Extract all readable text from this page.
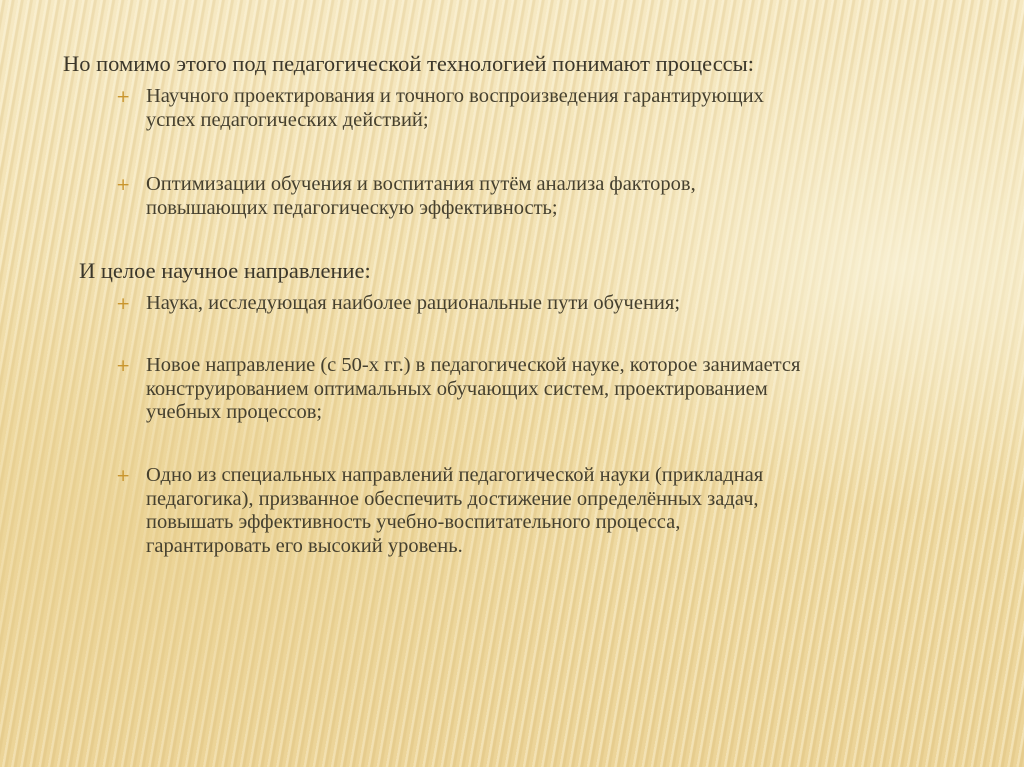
Но помимо этого под педагогической технологией понимают процессы:
+ Научного проектирования и точного воспроизведения гарантирующих
успех педагогических действий;
+ Оптимизации обучения и воспитания путём анализа факторов,
повышающих педагогическую эффективность;
И целое научное направление:
+ Наука, исследующая наиболее рациональные пути обучения;
+ Новое направление (с 50-х гг.) в педагогической науке, которое занимается
конструированием оптимальных обучающих систем, проектированием
учебных процессов;
+ Одно из специальных направлений педагогической науки (прикладная
педагогика), призванное обеспечить достижение определённых задач,
повышать эффективность учебно-воспитательного процесса,
гарантировать его высокий уровень.
